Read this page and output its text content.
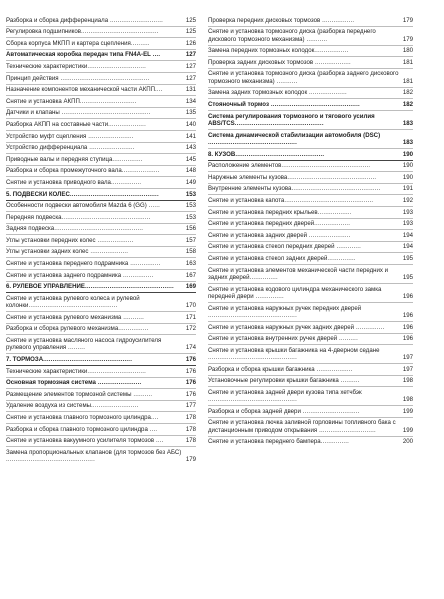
Разборка и сборка дифференциала ............................	125
Регулировка подшипников.........................................	125
Сборка корпуса МКПП и картера сцепления..........	126
Автоматическая коробка передач типа FN4A-EL ....	127
Технические характеристики...............................	127
Принцип действия ...............................................	127
Назначение компонентов механической части АКПП....	131
Снятие и установка АКПП..............................	134
Датчики и клапаны ...............................................	135
Разборка АКПП на составные части....................	140
Устройство муфт сцепления ........................	141
Устройство дифференциала ........................	143
Приводные валы и передняя ступица................	145
Разборка и сборка промежуточного вала....................	148
Снятие и установка приводного вала................	149
5. ПОДВЕСКИ КОЛЕС...............................................	153
Особенности подвески автомобиля Mazda 6 (GG) ......	153
Передняя подвеска...............................................	153
Задняя подвеска...............................................	156
Углы установки передних колес ...................	157
Углы установки задних колес ....................	158
Снятие и установка переднего подрамника ................	163
Снятие и установка заднего подрамника ................	167
6. РУЛЕВОЕ УПРАВЛЕНИЕ...............................................	169
Снятие и установка рулевого колеса и рулевой колонки...............................................	170
Снятие и установка рулевого механизма ...........	171
Разборка и сборка рулевого механизма................	172
Снятие и установка масляного насоса гидроусилителя рулевого управления .........	174
7. ТОРМОЗА...............................................	176
Технические характеристики...............................	176
Основная тормозная система .......................	176
Размещение элементов тормозной системы ..........	176
Удаление воздуха из системы.........................	177
Снятие и установка главного тормозного цилиндра....	178
Разборка и сборка главного тормозного цилиндра ....	178
Снятие и установка вакуумного усилителя тормозов ....	178
Замена пропорциональных клапанов (для тормозов без АБС) ...............................................	179
Проверка передних дисковых тормозов .................	179
Снятие и установка тормозного диска (разборка переднего дискового тормозного механизма) ...........	179
Замена передних тормозных колодок..................	180
Проверка задних дисковых тормозов ...................	181
Снятие и установка тормозного диска (разборка заднего дискового тормозного механизма) ...........	181
Замена задних тормозных колодок ....................	182
Стояночный тормоз ...............................................	182
Система регулирования тормозного и тягового усилия ABS/TCS...............................................	183
Система динамической стабилизации автомобиля (DSC) ...............................................	183
8. КУЗОВ...............................................	190
Расположение элементов...............................................	190
Наружные элементы кузова...............................................	190
Внутренние элементы кузова...............................................	191
Снятие и установка капота...............................................	192
Снятие и установка передних крыльев..................	193
Снятие и установка передних дверей...................	193
Снятие и установка задних дверей ......................	194
Снятие и установка стекол передних дверей .............	194
Снятие и установка стекол задних дверей...............	195
Снятие и установка элементов механической части передних и задних дверей...............	195
Снятие и установка кодового цилиндра механического замка передней двери ...............	196
Снятие и установка наружных ручек передних дверей ...............................................	196
Снятие и установка наружных ручек задних дверей ...............	196
Снятие и установка внутренних ручек дверей ..........	196
Снятие и установка крышки багажника на 4-дверном седане ...............................................	197
Разборка и сборка крышки багажника ...................	197
Установочные регулировки крышки багажника ..........	198
Снятие и установка задней двери кузова типа хетчбэк ...............................................	198
Разборка и сборка задней двери ..............................	199
Снятие и установка лючка заливной горловины топливного бака с дистанционным приводом открывания ..............................	199
Снятие и установка переднего бампера...............	200
